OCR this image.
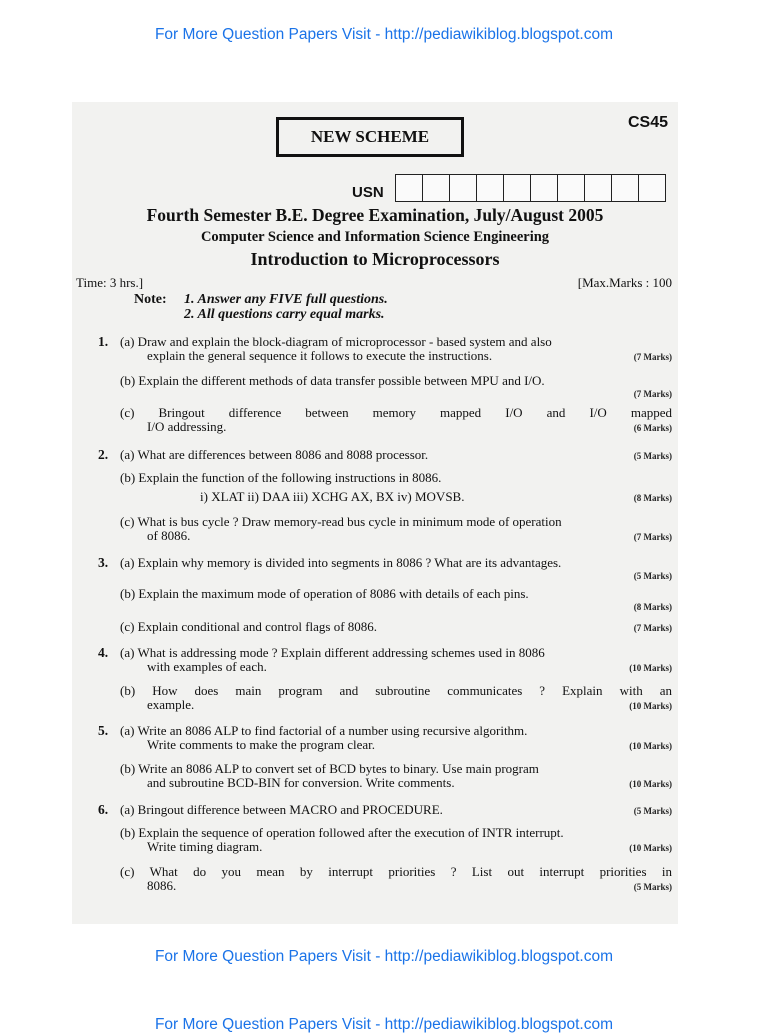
For More Question Papers Visit - http://pediawikiblog.blogspot.com
CS45
NEW SCHEME
USN
Fourth Semester B.E. Degree Examination, July/August 2005
Computer Science and Information Science Engineering
Introduction to Microprocessors
Time: 3 hrs.]	[Max.Marks : 100
Note: 1. Answer any FIVE full questions.
2. All questions carry equal marks.
1. (a) Draw and explain the block-diagram of microprocessor - based system and also
explain the general sequence it follows to execute the instructions.	(7 Marks)
(b) Explain the different methods of data transfer possible between MPU and I/O.
(7 Marks)
(c) Bringout difference between memory mapped I/O and I/O mapped
I/O addressing.	(6 Marks)
2. (a) What are differences between 8086 and 8088 processor.	(5 Marks)
(b) Explain the function of the following instructions in 8086.
i) XLAT ii) DAA iii) XCHG AX, BX iv) MOVSB.	(8 Marks)
(c) What is bus cycle ? Draw memory-read bus cycle in minimum mode of operation
of 8086.	(7 Marks)
3. (a) Explain why memory is divided into segments in 8086 ? What are its advantages.
(5 Marks)
(b) Explain the maximum mode of operation of 8086 with details of each pins.
(8 Marks)
(c) Explain conditional and control flags of 8086.	(7 Marks)
4. (a) What is addressing mode ? Explain different addressing schemes used in 8086
with examples of each.	(10 Marks)
(b) How does main program and subroutine communicates ? Explain with an
example.	(10 Marks)
5. (a) Write an 8086 ALP to find factorial of a number using recursive algorithm.
Write comments to make the program clear.	(10 Marks)
(b) Write an 8086 ALP to convert set of BCD bytes to binary. Use main program
and subroutine BCD-BIN for conversion. Write comments.	(10 Marks)
6. (a) Bringout difference between MACRO and PROCEDURE.	(5 Marks)
(b) Explain the sequence of operation followed after the execution of INTR interrupt.
Write timing diagram.	(10 Marks)
(c) What do you mean by interrupt priorities ? List out interrupt priorities in
8086.	(5 Marks)
For More Question Papers Visit - http://pediawikiblog.blogspot.com
For More Question Papers Visit - http://pediawikiblog.blogspot.com
